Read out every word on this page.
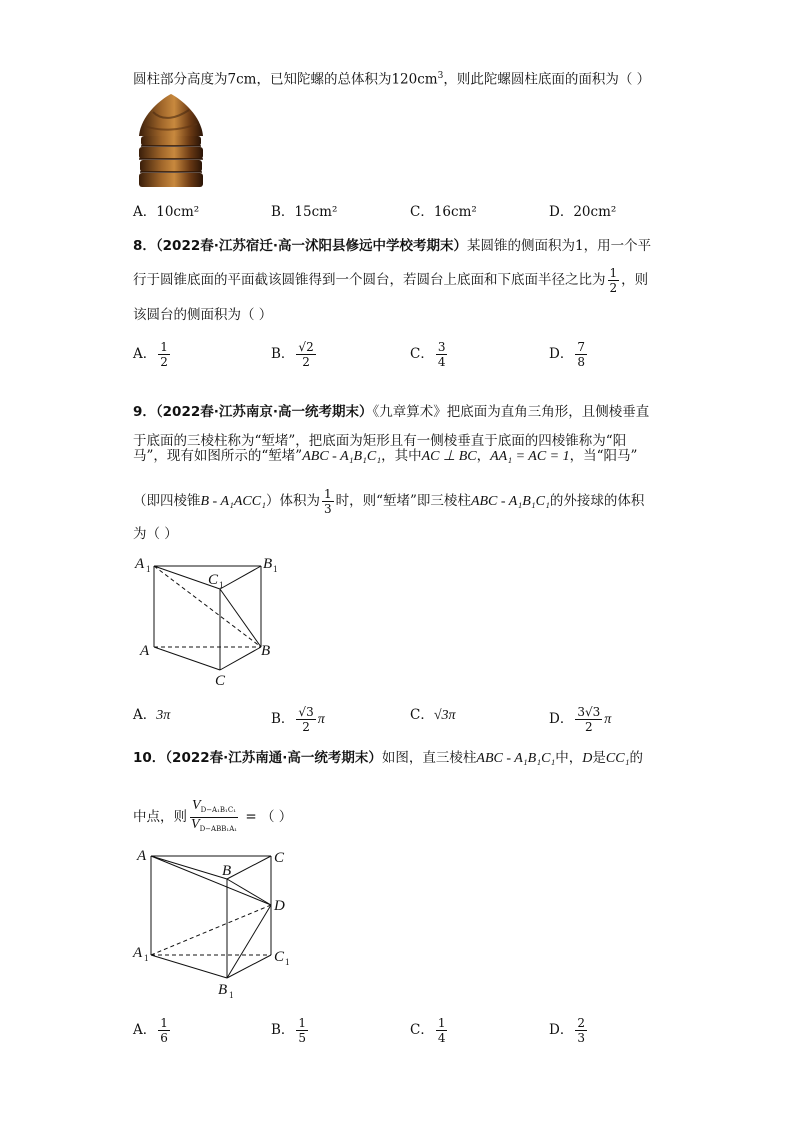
圆柱部分高度为7cm，已知陀螺的总体积为$120cm^3$，则此陀螺圆柱底面的面积为（ ）
A．10cm²	B．15cm²	C．16cm²	D．20cm²
8．（2022春·江苏宿迁·高一沭阳县修远中学校考期末）某圆锥的侧面积为1，用一个平
行于圆锥底面的平面截该圆锥得到一个圆台，若圆台上底面和下底面半径之比为 $\frac{1}{2}$ ，则
该圆台的侧面积为（ ）
A． $\frac{1}{2}$	B． $\frac{√2}{2}$	C． $\frac{3}{4}$	D． $\frac{7}{8}$
9．（2022春·江苏南京·高一统考期末）《九章算术》把底面为直角三角形，且侧棱垂直
于底面的三棱柱称为“堑堵”，把底面为矩形且有一侧棱垂直于底面的四棱锥称为“阳
马”，现有如图所示的“堑堵”ABC - A₁B₁C₁，其中AC ⊥ BC，AA₁ = AC = 1，当“阳马”
（即四棱锥B - A₁ACC₁）体积为 $\frac{1}{3}$ 时，则“堑堵”即三棱柱ABC - A₁B₁C₁的外接球的体积
为（ ）
A 1
C 1
B 1
A	B
C
A．3π	B． $\frac{√3}{2}$ π	C．√3π	D． $\frac{3√3}{2}$ π
10．（2022春·江苏南通·高一统考期末）如图，直三棱柱ABC - A₁B₁C₁中，D是CC₁的
中点，则 $\frac{V_{D-A_1B_1C_1}}{V_{D-ABB_1A_1}}$ = （ ）
A
B
C
D
A 1	C 1
B 1
A． $\frac{1}{6}$	B． $\frac{1}{5}$	C． $\frac{1}{4}$	D． $\frac{2}{3}$
